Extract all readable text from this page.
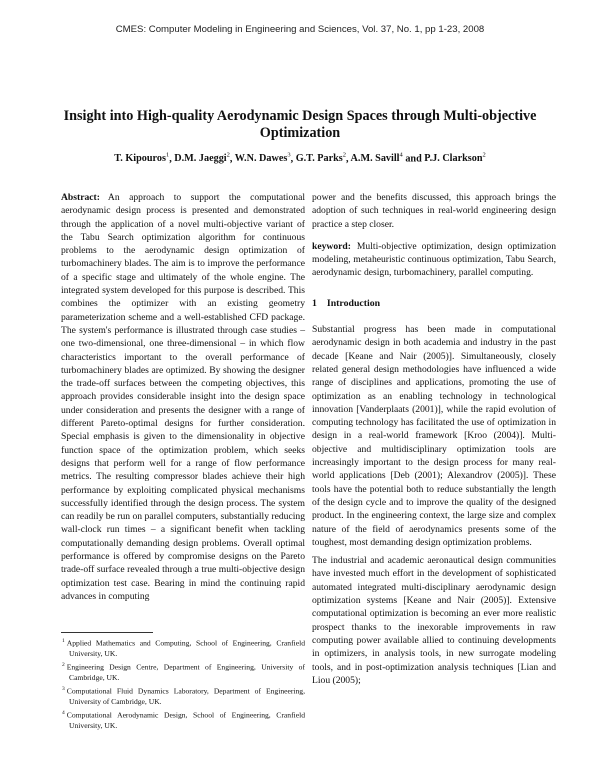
CMES: Computer Modeling in Engineering and Sciences, Vol. 37, No. 1, pp 1-23, 2008
Insight into High-quality Aerodynamic Design Spaces through Multi-objective Optimization
T. Kipouros$^1$, D.M. Jaeggi$^2$, W.N. Dawes$^3$, G.T. Parks$^2$, A.M. Savill$^4$ and P.J. Clarkson$^2$

Abstract: An approach to support the computational aerodynamic design process is presented and demonstrated through the application of a novel multi-objective variant of the Tabu Search optimization algorithm for continuous problems to the aerodynamic design optimization of turbomachinery blades. The aim is to improve the performance of a specific stage and ultimately of the whole engine. The integrated system developed for this purpose is described. This combines the optimizer with an existing geometry parameterization scheme and a well-established CFD package. The system's performance is illustrated through case studies – one two-dimensional, one three-dimensional – in which flow characteristics important to the overall performance of turbomachinery blades are optimized. By showing the designer the trade-off surfaces between the competing objectives, this approach provides considerable insight into the design space under consideration and presents the designer with a range of different Pareto-optimal designs for further consideration. Special emphasis is given to the dimensionality in objective function space of the optimization problem, which seeks designs that perform well for a range of flow performance metrics. The resulting compressor blades achieve their high performance by exploiting complicated physical mechanisms successfully identified through the design process. The system can readily be run on parallel computers, substantially reducing wall-clock run times – a significant benefit when tackling computationally demanding design problems. Overall optimal performance is offered by compromise designs on the Pareto trade-off surface revealed through a true multi-objective design optimization test case. Bearing in mind the continuing rapid advances in computing

power and the benefits discussed, this approach brings the adoption of such techniques in real-world engineering design practice a step closer.

keyword: Multi-objective optimization, design optimization modeling, metaheuristic continuous optimization, Tabu Search, aerodynamic design, turbomachinery, parallel computing.

1 Introduction

Substantial progress has been made in computational aerodynamic design in both academia and industry in the past decade [Keane and Nair (2005)]. Simultaneously, closely related general design methodologies have influenced a wide range of disciplines and applications, promoting the use of optimization as an enabling technology in technological innovation [Vanderplaats (2001)], while the rapid evolution of computing technology has facilitated the use of optimization in design in a real-world framework [Kroo (2004)]. Multi-objective and multidisciplinary optimization tools are increasingly important to the design process for many real-world applications [Deb (2001); Alexandrov (2005)]. These tools have the potential both to reduce substantially the length of the design cycle and to improve the quality of the designed product. In the engineering context, the large size and complex nature of the field of aerodynamics presents some of the toughest, most demanding design optimization problems.

The industrial and academic aeronautical design communities have invested much effort in the development of sophisticated automated integrated multi-disciplinary aerodynamic design optimization systems [Keane and Nair (2005)]. Extensive computational optimization is becoming an ever more realistic prospect thanks to the inexorable improvements in raw computing power available allied to continuing developments in optimizers, in analysis tools, in new surrogate modeling tools, and in post-optimization analysis techniques [Lian and Liou (2005);

$^1$ Applied Mathematics and Computing, School of Engineering, Cranfield University, UK.
$^2$ Engineering Design Centre, Department of Engineering, University of Cambridge, UK.
$^3$ Computational Fluid Dynamics Laboratory, Department of Engineering, University of Cambridge, UK.
$^4$ Computational Aerodynamic Design, School of Engineering, Cranfield University, UK.
